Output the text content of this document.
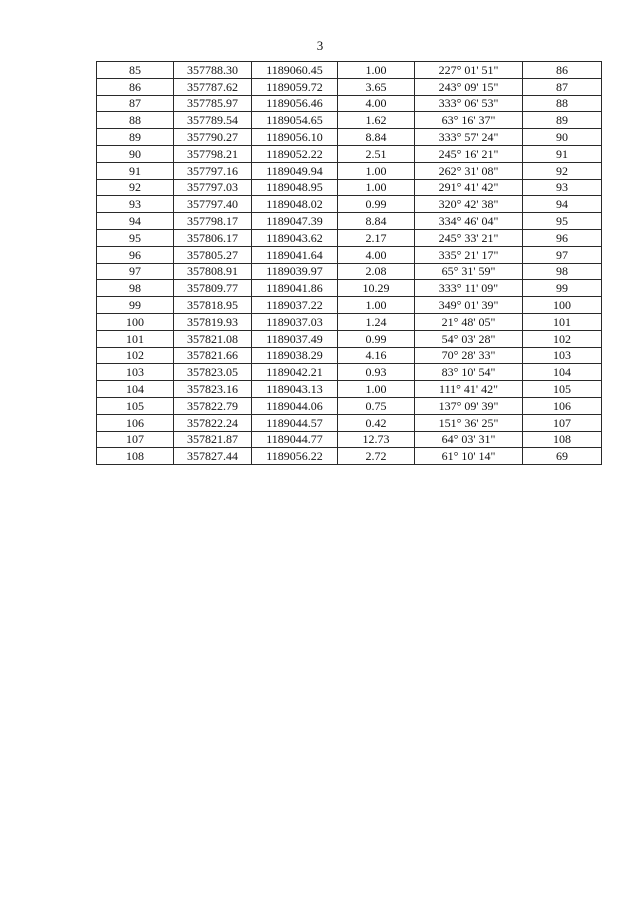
3
85	357788.30	1189060.45	1.00	227° 01' 51"	86
86	357787.62	1189059.72	3.65	243° 09' 15"	87
87	357785.97	1189056.46	4.00	333° 06' 53"	88
88	357789.54	1189054.65	1.62	63° 16' 37"	89
89	357790.27	1189056.10	8.84	333° 57' 24"	90
90	357798.21	1189052.22	2.51	245° 16' 21"	91
91	357797.16	1189049.94	1.00	262° 31' 08"	92
92	357797.03	1189048.95	1.00	291° 41' 42"	93
93	357797.40	1189048.02	0.99	320° 42' 38"	94
94	357798.17	1189047.39	8.84	334° 46' 04"	95
95	357806.17	1189043.62	2.17	245° 33' 21"	96
96	357805.27	1189041.64	4.00	335° 21' 17"	97
97	357808.91	1189039.97	2.08	65° 31' 59"	98
98	357809.77	1189041.86	10.29	333° 11' 09"	99
99	357818.95	1189037.22	1.00	349° 01' 39"	100
100	357819.93	1189037.03	1.24	21° 48' 05"	101
101	357821.08	1189037.49	0.99	54° 03' 28"	102
102	357821.66	1189038.29	4.16	70° 28' 33"	103
103	357823.05	1189042.21	0.93	83° 10' 54"	104
104	357823.16	1189043.13	1.00	111° 41' 42"	105
105	357822.79	1189044.06	0.75	137° 09' 39"	106
106	357822.24	1189044.57	0.42	151° 36' 25"	107
107	357821.87	1189044.77	12.73	64° 03' 31"	108
108	357827.44	1189056.22	2.72	61° 10' 14"	69
